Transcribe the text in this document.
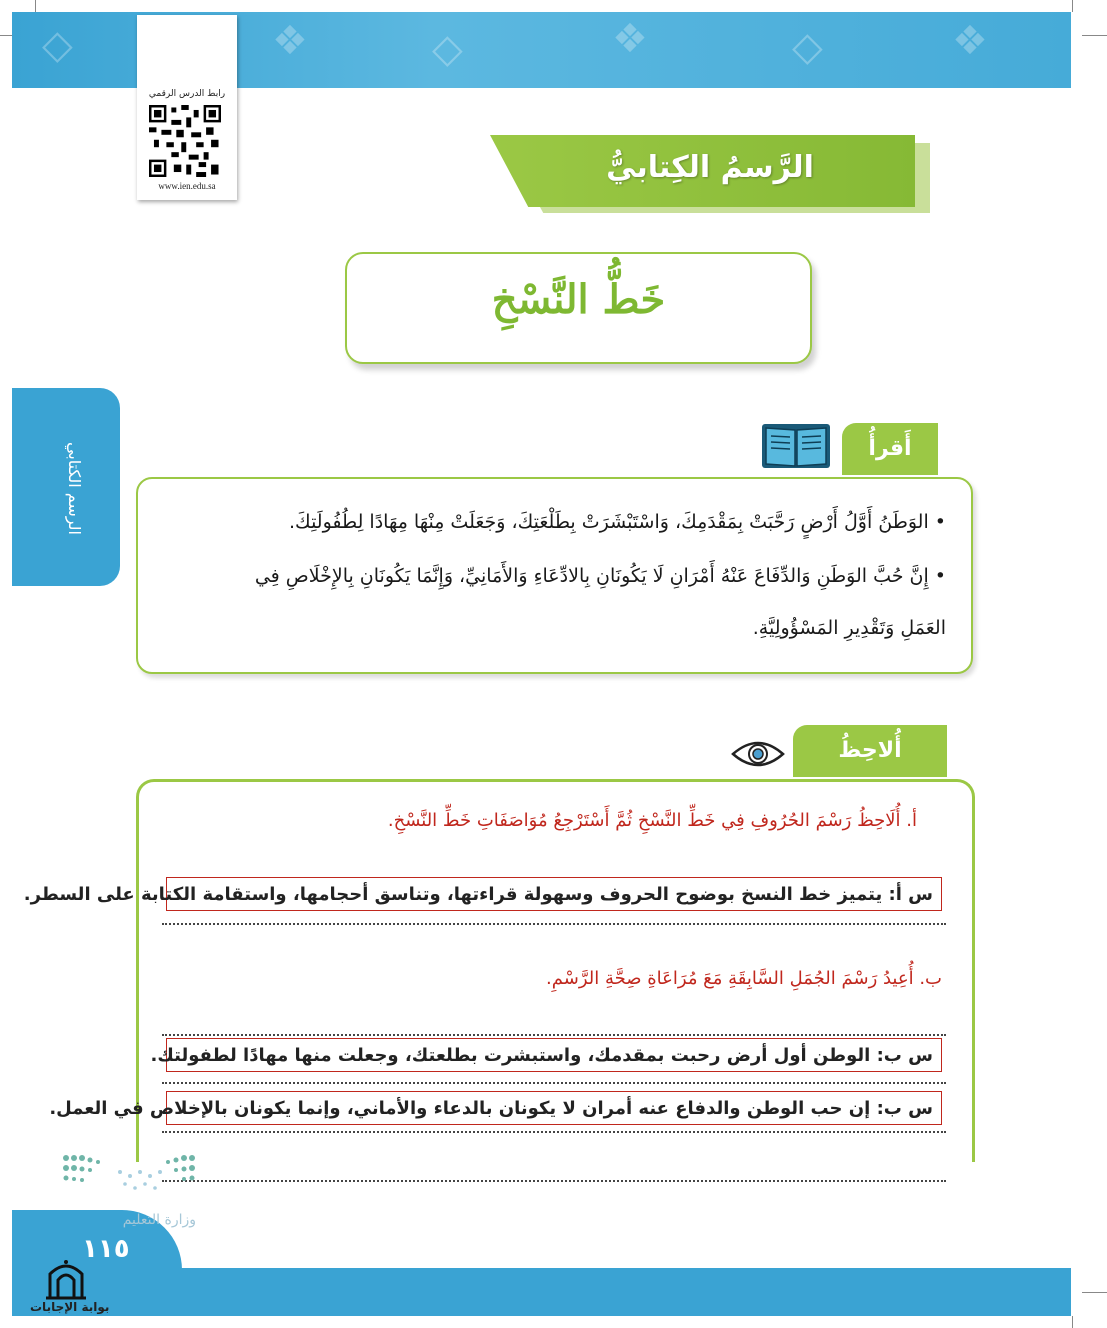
◇	❖	◇	❖	◇	❖
رابط الدرس الرقمي
www.ien.edu.sa
الرَّسمُ الكِتابيُّ
خَطُّ النَّسْخِ
الرسم الكتابي	أَقرأُ
• الوَطَنُ أَوَّلُ أَرْضٍ رَحَّبَتْ بِمَقْدَمِكَ، وَاسْتَبْشَرَتْ بِطَلْعَتِكَ، وَجَعَلَتْ مِنْهَا مِهَادًا لِطُفُولَتِكَ.
• إِنَّ حُبَّ الوَطَنِ وَالدِّفَاعَ عَنْهُ أَمْرَانِ لَا يَكُونَانِ بِالادِّعَاءِ وَالأَمَانِيِّ، وَإِنَّمَا يَكُونَانِ بِالإِخْلَاصِ فِي
العَمَلِ وَتَقْدِيرِ المَسْؤُولِيَّةِ.
أُلاحِظُ
أ. أُلَاحِظُ رَسْمَ الحُرُوفِ فِي خَطِّ النَّسْخِ ثُمَّ أَسْتَرْجِعُ مُوَاصَفَاتِ خَطِّ النَّسْخِ.
س أ: يتميز خط النسخ بوضوح الحروف وسهولة قراءتها، وتناسق أحجامها، واستقامة الكتابة على السطر.
ب. أُعِيدُ رَسْمَ الجُمَلِ السَّابِقَةِ مَعَ مُرَاعَاةِ صِحَّةِ الرَّسْمِ.
س ب: الوطن أول أرض رحبت بمقدمك، واستبشرت بطلعتك، وجعلت منها مهادًا لطفولتك.
س ب: إن حب الوطن والدفاع عنه أمران لا يكونان بالدعاء والأماني، وإنما يكونان بالإخلاص في العمل.
وزارة التعليم
١١٥
بوابة الإجابات
